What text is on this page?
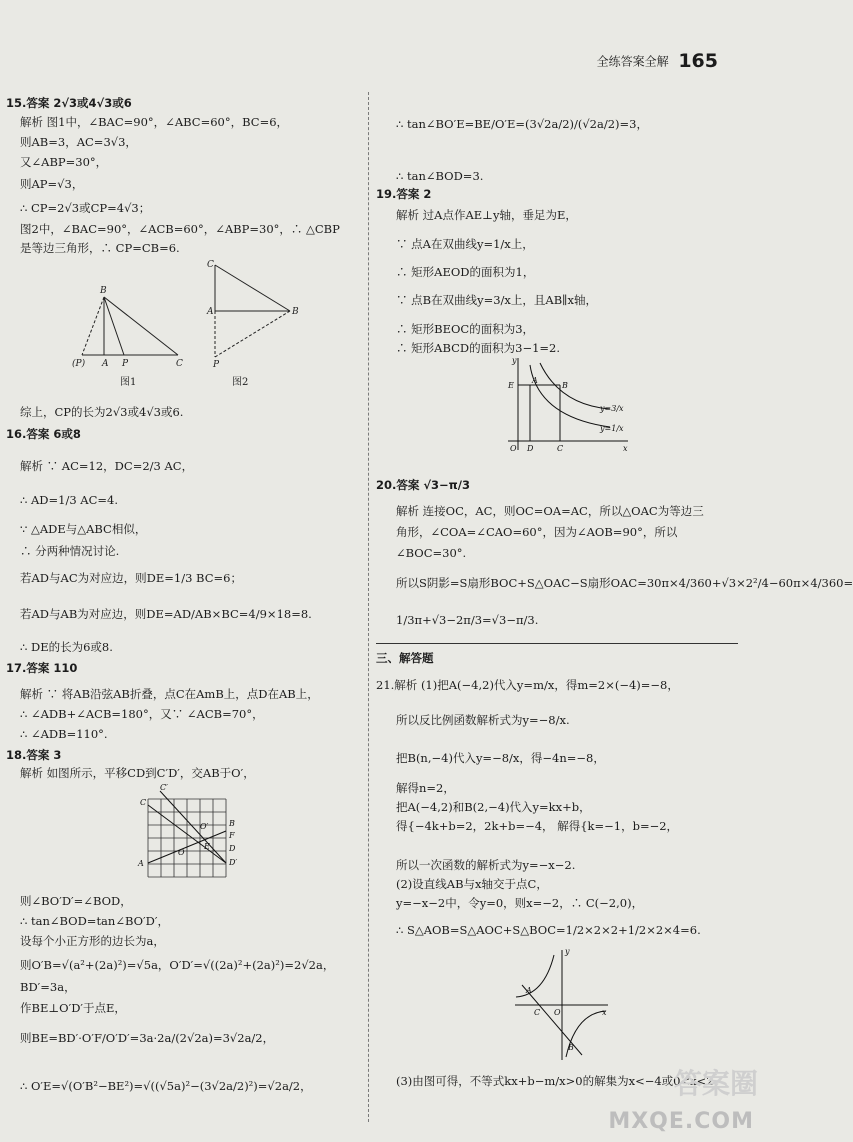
全练答案全解 165
15.答案 2√3或4√3或6
解析 图1中，∠BAC=90°，∠ABC=60°，BC=6，
则AB=3，AC=3√3，
又∠ABP=30°，
则AP=√3，
∴ CP=2√3或CP=4√3；
图2中，∠BAC=90°，∠ACB=60°，∠ABP=30°，∴ △CBP
是等边三角形，∴ CP=CB=6.
综上，CP的长为2√3或4√3或6.
16.答案 6或8
解析 ∵ AC=12，DC=2/3 AC，
∴ AD=1/3 AC=4.
∵ △ADE与△ABC相似，
∴ 分两种情况讨论.
若AD与AC为对应边，则DE=1/3 BC=6；
若AD与AB为对应边，则DE=AD/AB×BC=4/9×18=8.
∴ DE的长为6或8.
17.答案 110
解析 ∵ 将AB沿弦AB折叠，点C在AmB上，点D在AB上，
∴ ∠ADB+∠ACB=180°，又∵ ∠ACB=70°，
∴ ∠ADB=110°.
18.答案 3
解析 如图所示，平移CD到C′D′，交AB于O′，
则∠BO′D′=∠BOD，
∴ tan∠BOD=tan∠BO′D′，
设每个小正方形的边长为a，
则O′B=√(a²+(2a)²)=√5a，O′D′=√((2a)²+(2a)²)=2√2a，
BD′=3a，
作BE⊥O′D′于点E，
则BE=BD′·O′F/O′D′=3a·2a/(2√2a)=3√2a/2，
∴ O′E=√(O′B²−BE²)=√((√5a)²−(3√2a/2)²)=√2a/2，
∴ tan∠BO′E=BE/O′E=(3√2a/2)/(√2a/2)=3，
∴ tan∠BOD=3.
19.答案 2
解析 过A点作AE⊥y轴，垂足为E，
∵ 点A在双曲线y=1/x上，
∴ 矩形AEOD的面积为1，
∵ 点B在双曲线y=3/x上，且AB∥x轴，
∴ 矩形BEOC的面积为3，
∴ 矩形ABCD的面积为3−1=2.
20.答案 √3−π/3
解析 连接OC，AC，则OC=OA=AC，所以△OAC为等边三
角形，∠COA=∠CAO=60°，因为∠AOB=90°，所以
∠BOC=30°.
所以S阴影=S扇形BOC+S△OAC−S扇形OAC=30π×4/360+√3×2²/4−60π×4/360=
1/3π+√3−2π/3=√3−π/3.
三、解答题
21.解析 (1)把A(−4,2)代入y=m/x，得m=2×(−4)=−8，
所以反比例函数解析式为y=−8/x.
把B(n,−4)代入y=−8/x，得−4n=−8，
解得n=2，
把A(−4,2)和B(2,−4)代入y=kx+b，
得{−4k+b=2，2k+b=−4， 解得{k=−1，b=−2，
所以一次函数的解析式为y=−x−2.
(2)设直线AB与x轴交于点C，
y=−x−2中，令y=0，则x=−2，∴ C(−2,0)，
∴ S△AOB=S△AOC+S△BOC=1/2×2×2+1/2×2×4=6.
(3)由图可得，不等式kx+b−m/x>0的解集为x<−4或0<x<2
B
(P) A P	C
C
A	B
P
图1	图2
C′
C
O′
F
O
E
B
A
D
D′
y
E
A
B
y=3/x
y=1/x
O D	C	x
y
A
C O	x
B
答案圈
MXQE.COM
